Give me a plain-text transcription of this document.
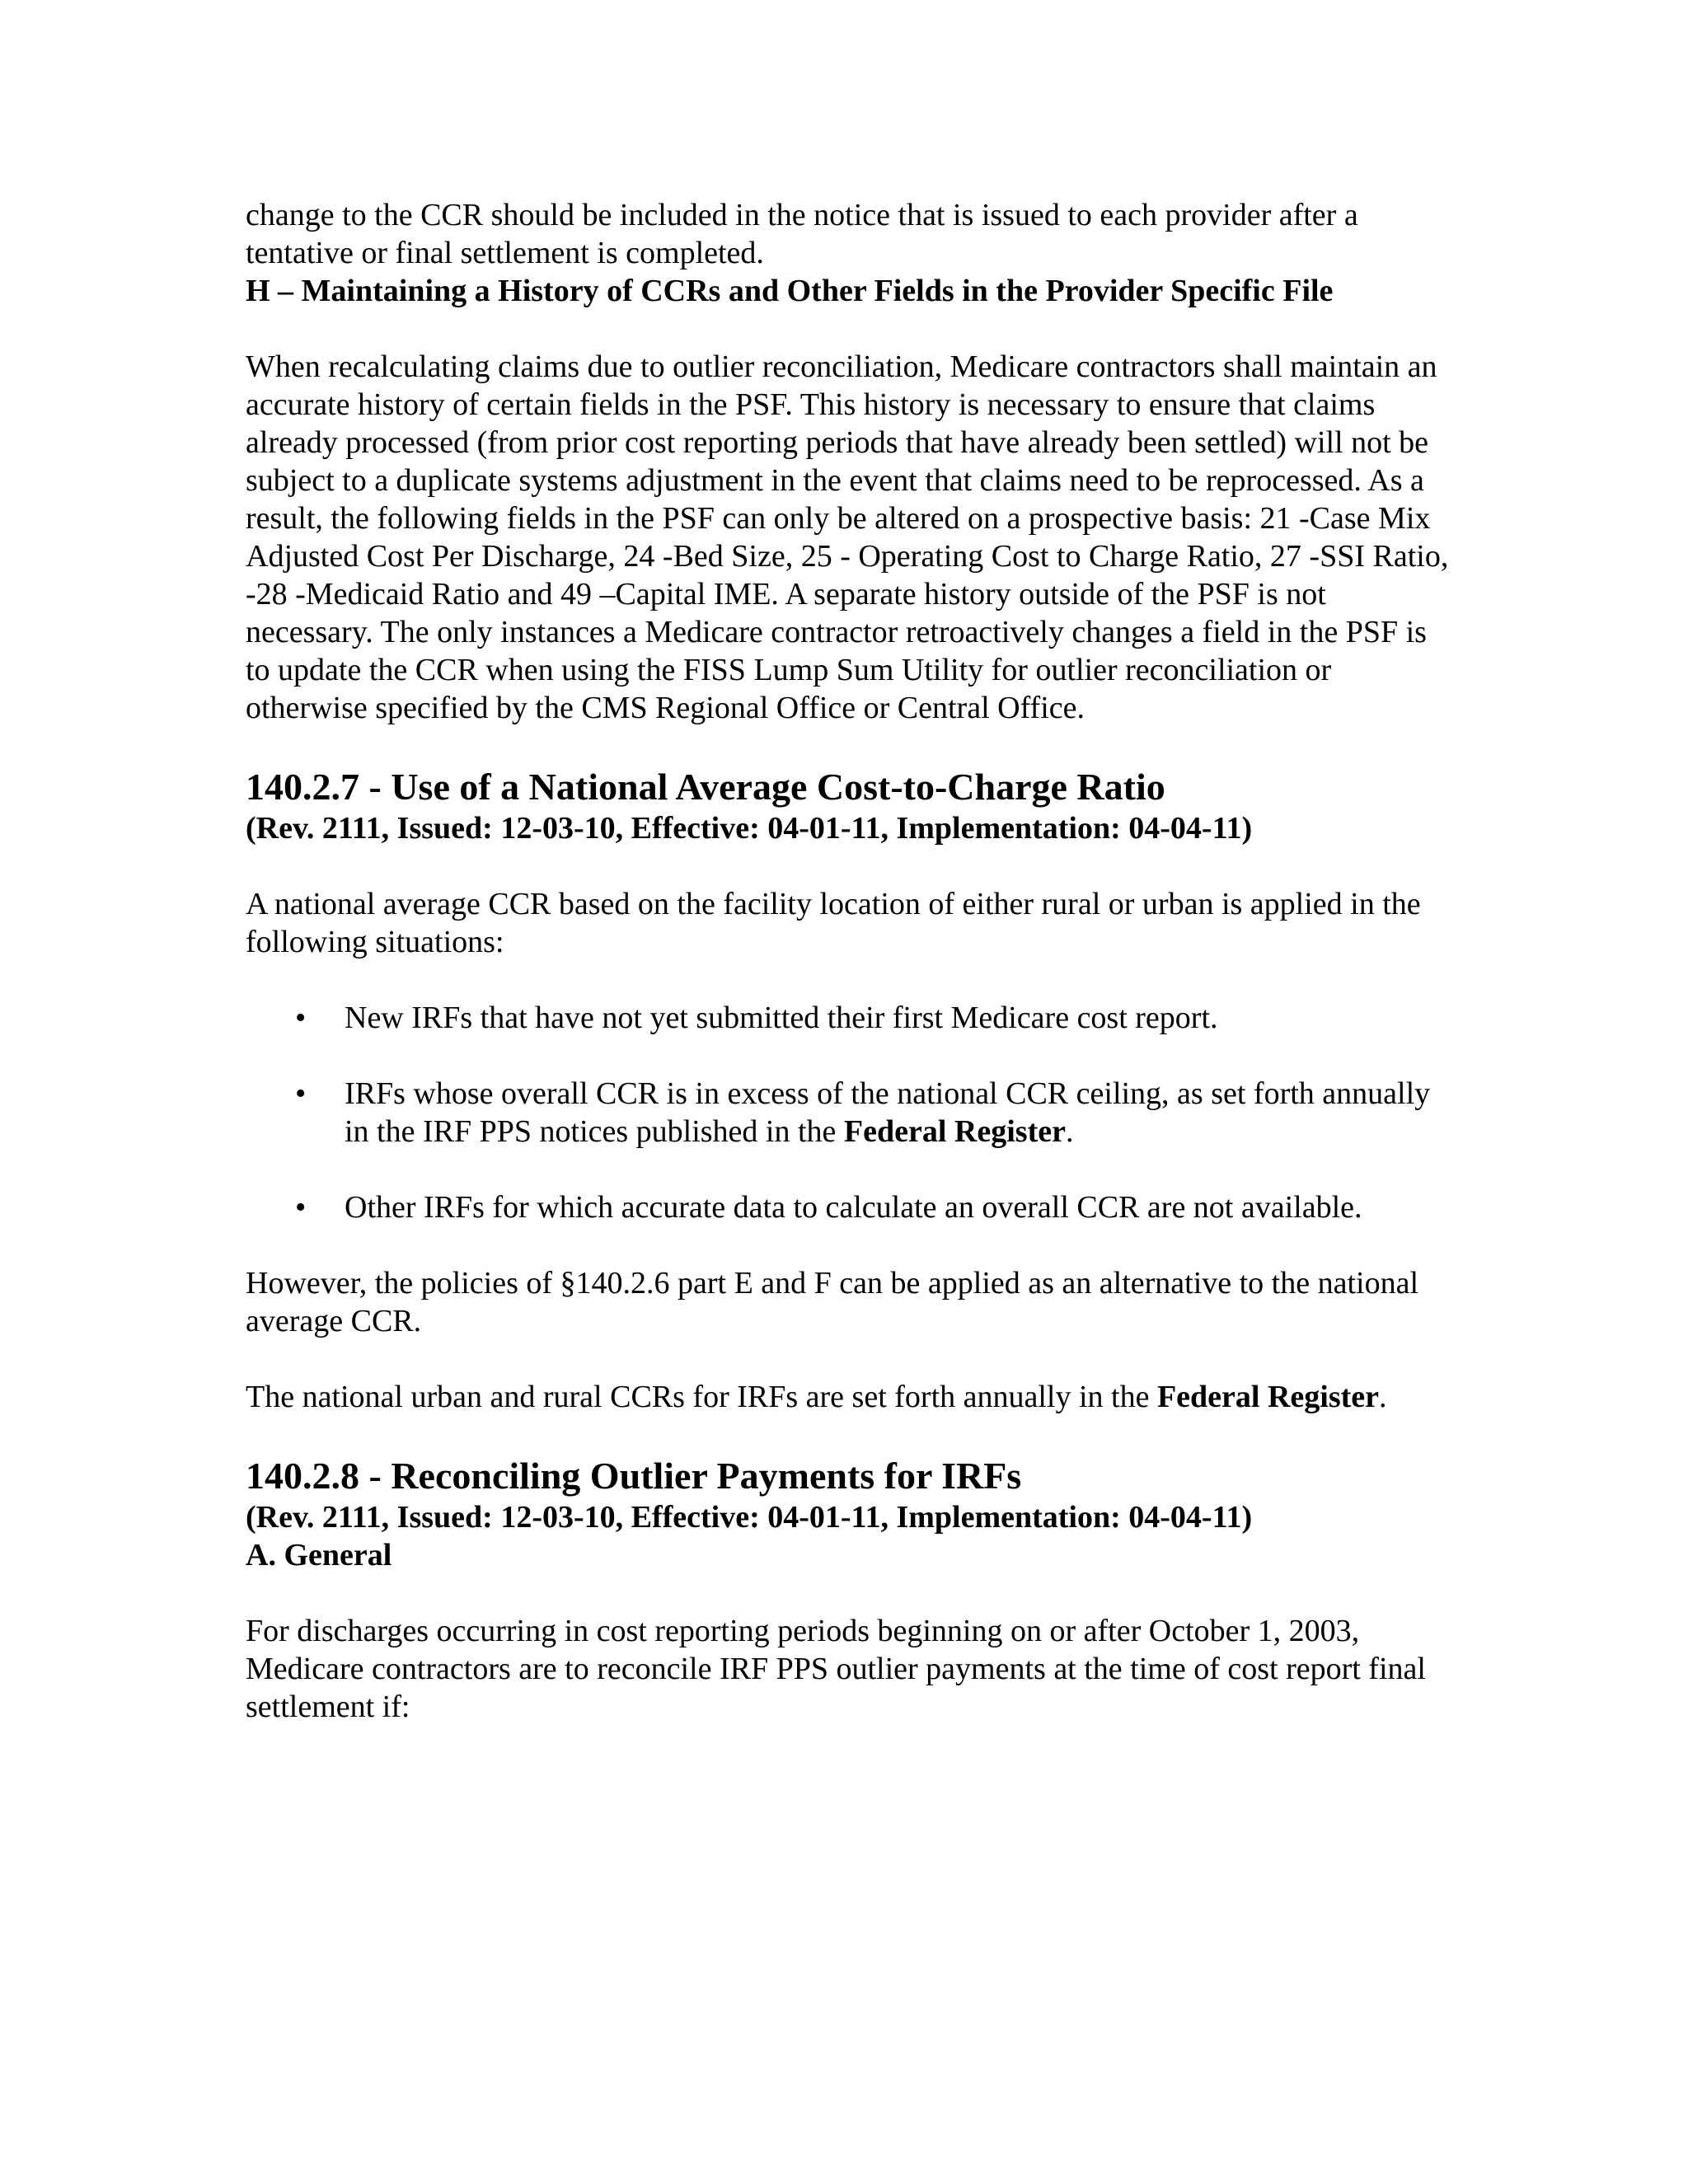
change to the CCR should be included in the notice that is issued to each provider after a tentative or final settlement is completed.

H – Maintaining a History of CCRs and Other Fields in the Provider Specific File

When recalculating claims due to outlier reconciliation, Medicare contractors shall maintain an accurate history of certain fields in the PSF. This history is necessary to ensure that claims already processed (from prior cost reporting periods that have already been settled) will not be subject to a duplicate systems adjustment in the event that claims need to be reprocessed. As a result, the following fields in the PSF can only be altered on a prospective basis: 21 -Case Mix Adjusted Cost Per Discharge, 24 -Bed Size, 25 - Operating Cost to Charge Ratio, 27 -SSI Ratio, -28 -Medicaid Ratio and 49 –Capital IME. A separate history outside of the PSF is not necessary. The only instances a Medicare contractor retroactively changes a field in the PSF is to update the CCR when using the FISS Lump Sum Utility for outlier reconciliation or otherwise specified by the CMS Regional Office or Central Office.

140.2.7 - Use of a National Average Cost-to-Charge Ratio

(Rev. 2111, Issued: 12-03-10, Effective: 04-01-11, Implementation: 04-04-11)

A national average CCR based on the facility location of either rural or urban is applied in the following situations:

• New IRFs that have not yet submitted their first Medicare cost report.
• IRFs whose overall CCR is in excess of the national CCR ceiling, as set forth annually in the IRF PPS notices published in the Federal Register.
• Other IRFs for which accurate data to calculate an overall CCR are not available.

However, the policies of §140.2.6 part E and F can be applied as an alternative to the national average CCR.

The national urban and rural CCRs for IRFs are set forth annually in the Federal Register.

140.2.8 - Reconciling Outlier Payments for IRFs

(Rev. 2111, Issued: 12-03-10, Effective: 04-01-11, Implementation: 04-04-11)

A. General

For discharges occurring in cost reporting periods beginning on or after October 1, 2003, Medicare contractors are to reconcile IRF PPS outlier payments at the time of cost report final settlement if:
